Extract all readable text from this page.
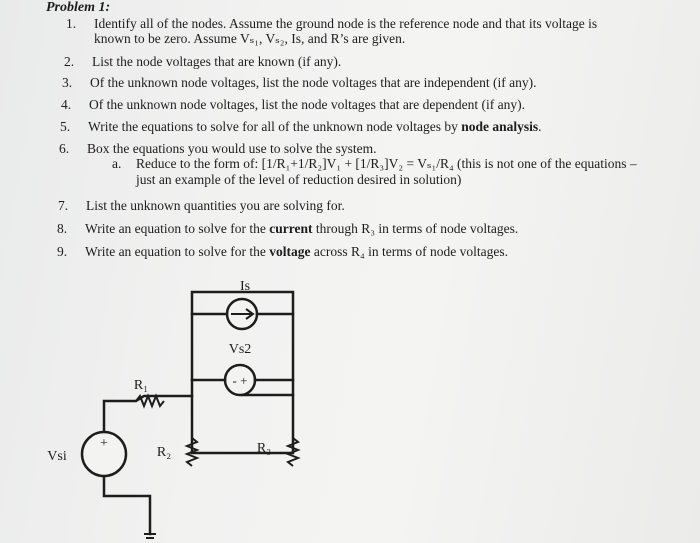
Problem 1:
1. Identify all of the nodes. Assume the ground node is the reference node and that its voltage is
known to be zero. Assume Vₛ₁, Vₛ₂, Is, and R’s are given.
2. List the node voltages that are known (if any).
3. Of the unknown node voltages, list the node voltages that are independent (if any).
4. Of the unknown node voltages, list the node voltages that are dependent (if any).
5. Write the equations to solve for all of the unknown node voltages by node analysis.
6. Box the equations you would use to solve the system.
a. Reduce to the form of: [1/R₁+1/R₂]V₁ + [1/R₃]V₂ = Vₛ₁/R₄ (this is not one of the equations –
just an example of the level of reduction desired in solution)
7. List the unknown quantities you are solving for.
8. Write an equation to solve for the current through R₃ in terms of node voltages.
9. Write an equation to solve for the voltage across R₄ in terms of node voltages.
- +
+
Is
Vs2
R₁
R₂	R₃
Vsi
